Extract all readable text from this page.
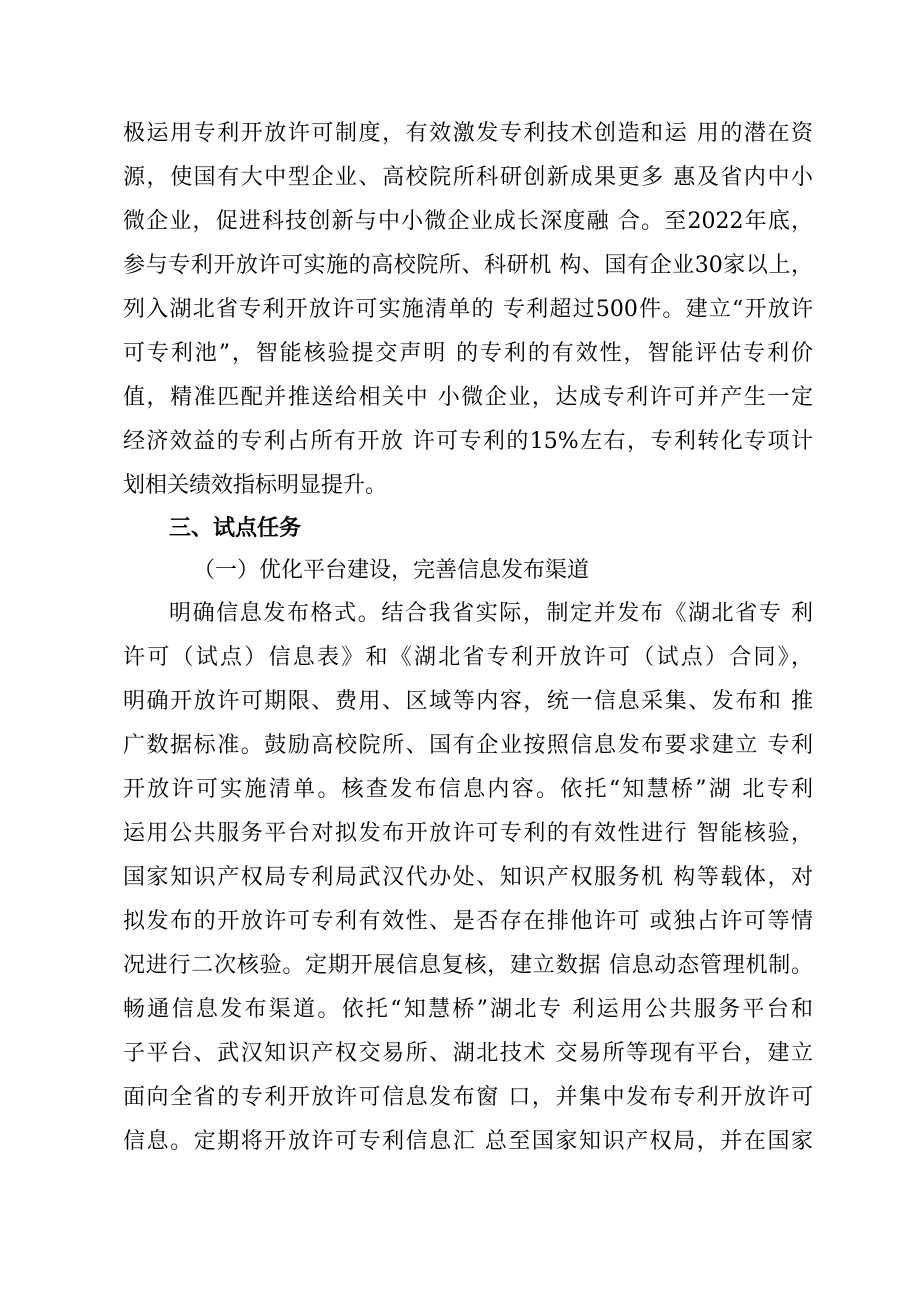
极运用专利开放许可制度，有效激发专利技术创造和运 用的潜在资
源，使国有大中型企业、高校院所科研创新成果更多 惠及省内中小
微企业，促进科技创新与中小微企业成长深度融 合。至2022年底，
参与专利开放许可实施的高校院所、科研机 构、国有企业30家以上，
列入湖北省专利开放许可实施清单的 专利超过500件。建立“开放许
可专利池”，智能核验提交声明 的专利的有效性，智能评估专利价
值，精准匹配并推送给相关中 小微企业，达成专利许可并产生一定
经济效益的专利占所有开放 许可专利的15%左右，专利转化专项计
划相关绩效指标明显提升。
三、试点任务
（一）优化平台建设，完善信息发布渠道
明确信息发布格式。结合我省实际，制定并发布《湖北省专 利
许可（试点）信息表》和《湖北省专利开放许可（试点）合同》，
明确开放许可期限、费用、区域等内容，统一信息采集、发布和 推
广数据标准。鼓励高校院所、国有企业按照信息发布要求建立 专利
开放许可实施清单。核查发布信息内容。依托“知慧桥”湖 北专利
运用公共服务平台对拟发布开放许可专利的有效性进行 智能核验，
国家知识产权局专利局武汉代办处、知识产权服务机 构等载体，对
拟发布的开放许可专利有效性、是否存在排他许可 或独占许可等情
况进行二次核验。定期开展信息复核，建立数据 信息动态管理机制。
畅通信息发布渠道。依托“知慧桥”湖北专 利运用公共服务平台和
子平台、武汉知识产权交易所、湖北技术 交易所等现有平台，建立
面向全省的专利开放许可信息发布窗 口，并集中发布专利开放许可
信息。定期将开放许可专利信息汇 总至国家知识产权局，并在国家
